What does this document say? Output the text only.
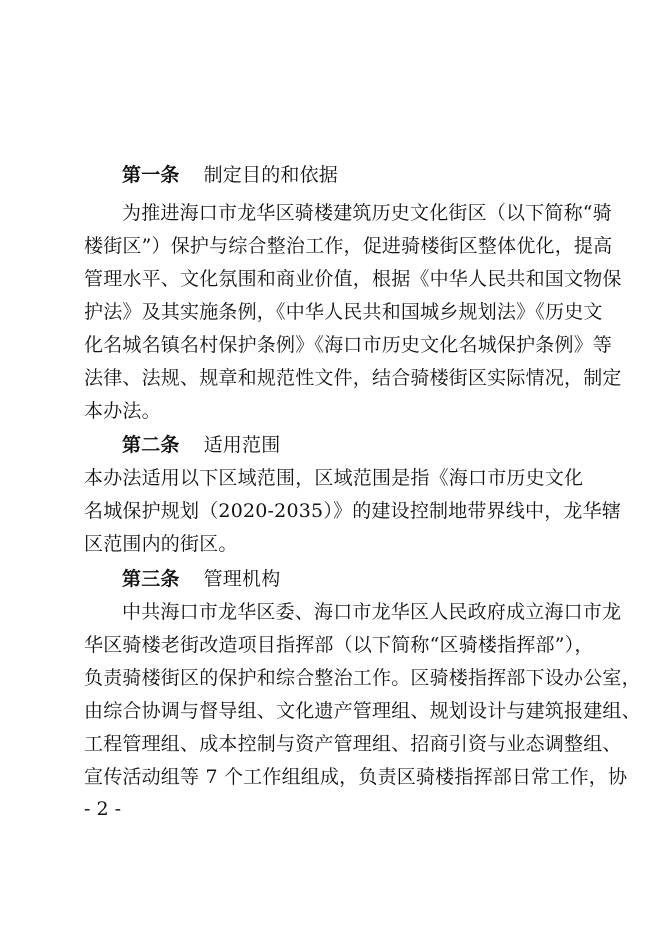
第一条 制定目的和依据
为推进海口市龙华区骑楼建筑历史文化街区（以下简称“骑
楼街区”）保护与综合整治工作，促进骑楼街区整体优化，提高
管理水平、文化氛围和商业价值，根据《中华人民共和国文物保
护法》及其实施条例，《中华人民共和国城乡规划法》《历史文
化名城名镇名村保护条例》《海口市历史文化名城保护条例》等
法律、法规、规章和规范性文件，结合骑楼街区实际情况，制定
本办法。
第二条 适用范围
本办法适用以下区域范围，区域范围是指《海口市历史文化
名城保护规划（2020-2035）》的建设控制地带界线中，龙华辖
区范围内的街区。
第三条 管理机构
中共海口市龙华区委、海口市龙华区人民政府成立海口市龙
华区骑楼老街改造项目指挥部（以下简称“区骑楼指挥部”），
负责骑楼街区的保护和综合整治工作。区骑楼指挥部下设办公室，
由综合协调与督导组、文化遗产管理组、规划设计与建筑报建组、
工程管理组、成本控制与资产管理组、招商引资与业态调整组、
宣传活动组等 7 个工作组组成，负责区骑楼指挥部日常工作，协
- 2 -
